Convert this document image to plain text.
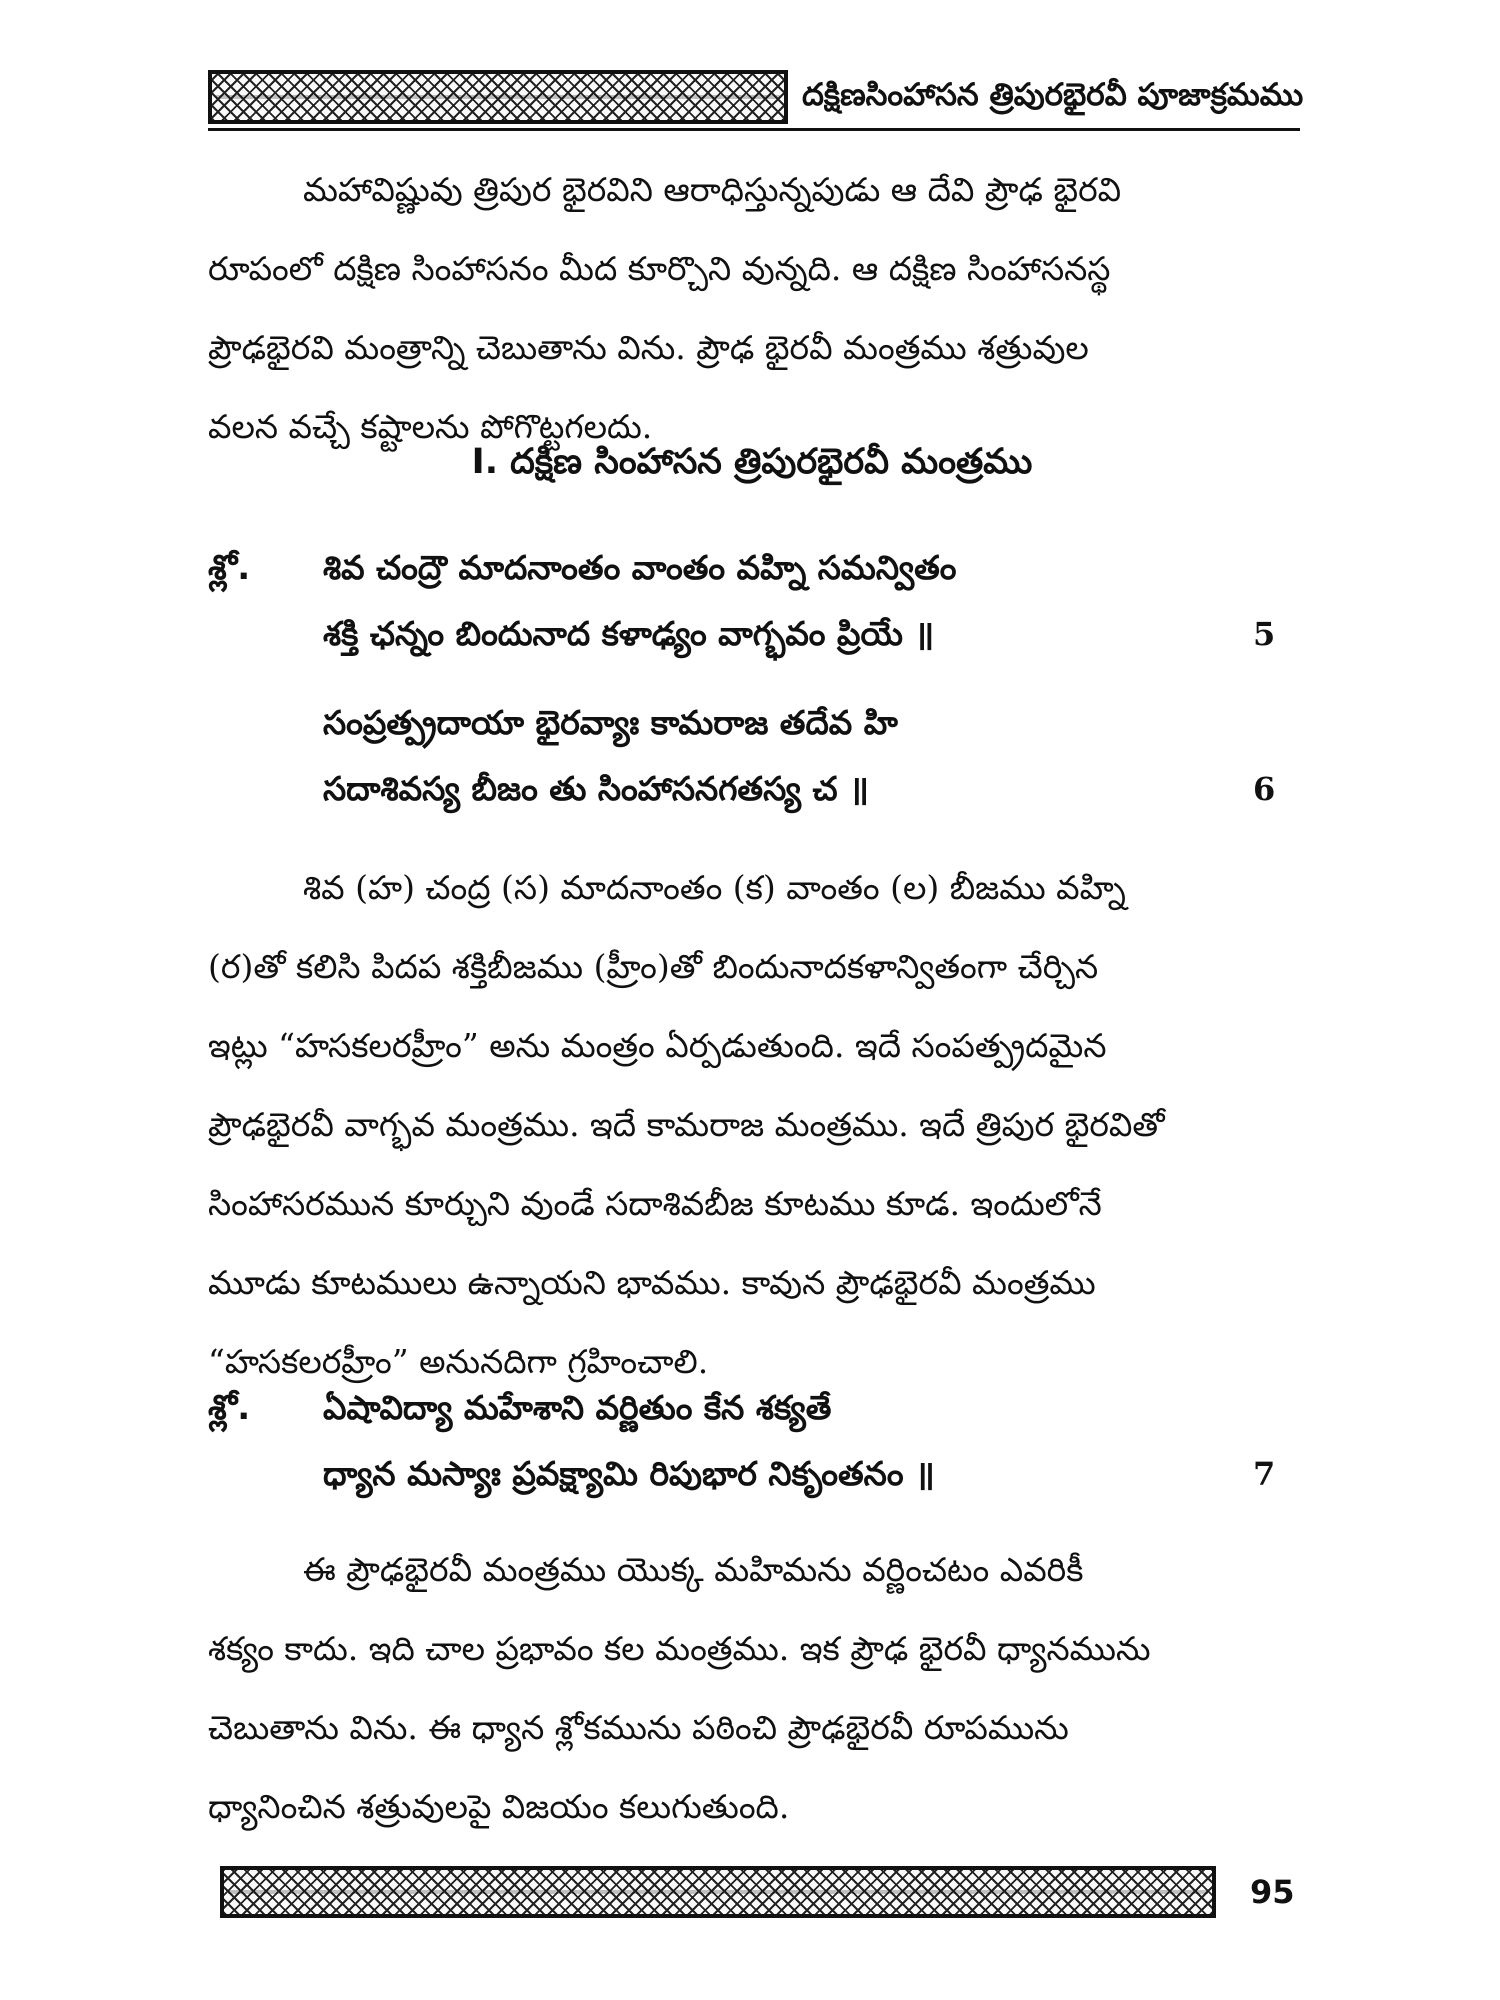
దక్షిణసింహాసన త్రిపురభైరవీ పూజాక్రమము

మహావిష్ణువు త్రిపుర భైరవిని ఆరాధిస్తున్నపుడు ఆ దేవి ప్రౌఢ భైరవి
రూపంలో దక్షిణ సింహాసనం మీద కూర్చొని వున్నది. ఆ దక్షిణ సింహాసనస్థ
ప్రౌఢభైరవి మంత్రాన్ని చెబుతాను విను. ప్రౌఢ భైరవీ మంత్రము శత్రువుల
వలన వచ్చే కష్టాలను పోగొట్టగలదు.

I. దక్షిణ సింహాసన త్రిపురభైరవీ మంత్రము
శ్లో. శివ చంద్రౌ మాదనాంతం వాంతం వహ్ని సమన్వితం
శక్తి ఛన్నం బిందునాద కళాఢ్యం వాగ్భవం ప్రియే ॥	5
సంప్రత్ప్రదాయా భైరవ్యాః కామరాజ తదేవ హి
సదాశివస్య బీజం తు సింహాసనగతస్య చ ॥	6

శివ (హ) చంద్ర (స) మాదనాంతం (క) వాంతం (ల) బీజము వహ్ని
(ర)తో కలిసి పిదప శక్తిబీజము (హ్రీం)తో బిందునాదకళాన్వితంగా చేర్చిన
ఇట్లు “హసకలరహ్రీం” అను మంత్రం ఏర్పడుతుంది. ఇదే సంపత్ప్రదమైన
ప్రౌఢభైరవీ వాగ్భవ మంత్రము. ఇదే కామరాజ మంత్రము. ఇదే త్రిపుర భైరవితో
సింహాసరమున కూర్చుని వుండే సదాశివబీజ కూటము కూడ. ఇందులోనే
మూడు కూటములు ఉన్నాయని భావము. కావున ప్రౌఢభైరవీ మంత్రము
“హసకలరహ్రీం” అనునదిగా గ్రహించాలి.

శ్లో. ఏషావిద్యా మహేశాని వర్ణితుం కేన శక్యతే
ధ్యాన మస్యాః ప్రవక్ష్యామి రిపుభార నికృంతనం ॥	7

ఈ ప్రౌఢభైరవీ మంత్రము యొక్క మహిమను వర్ణించటం ఎవరికీ
శక్యం కాదు. ఇది చాల ప్రభావం కల మంత్రము. ఇక ప్రౌఢ భైరవీ ధ్యానమును
చెబుతాను విను. ఈ ధ్యాన శ్లోకమును పఠించి ప్రౌఢభైరవీ రూపమును
ధ్యానించిన శత్రువులపై విజయం కలుగుతుంది.

95
